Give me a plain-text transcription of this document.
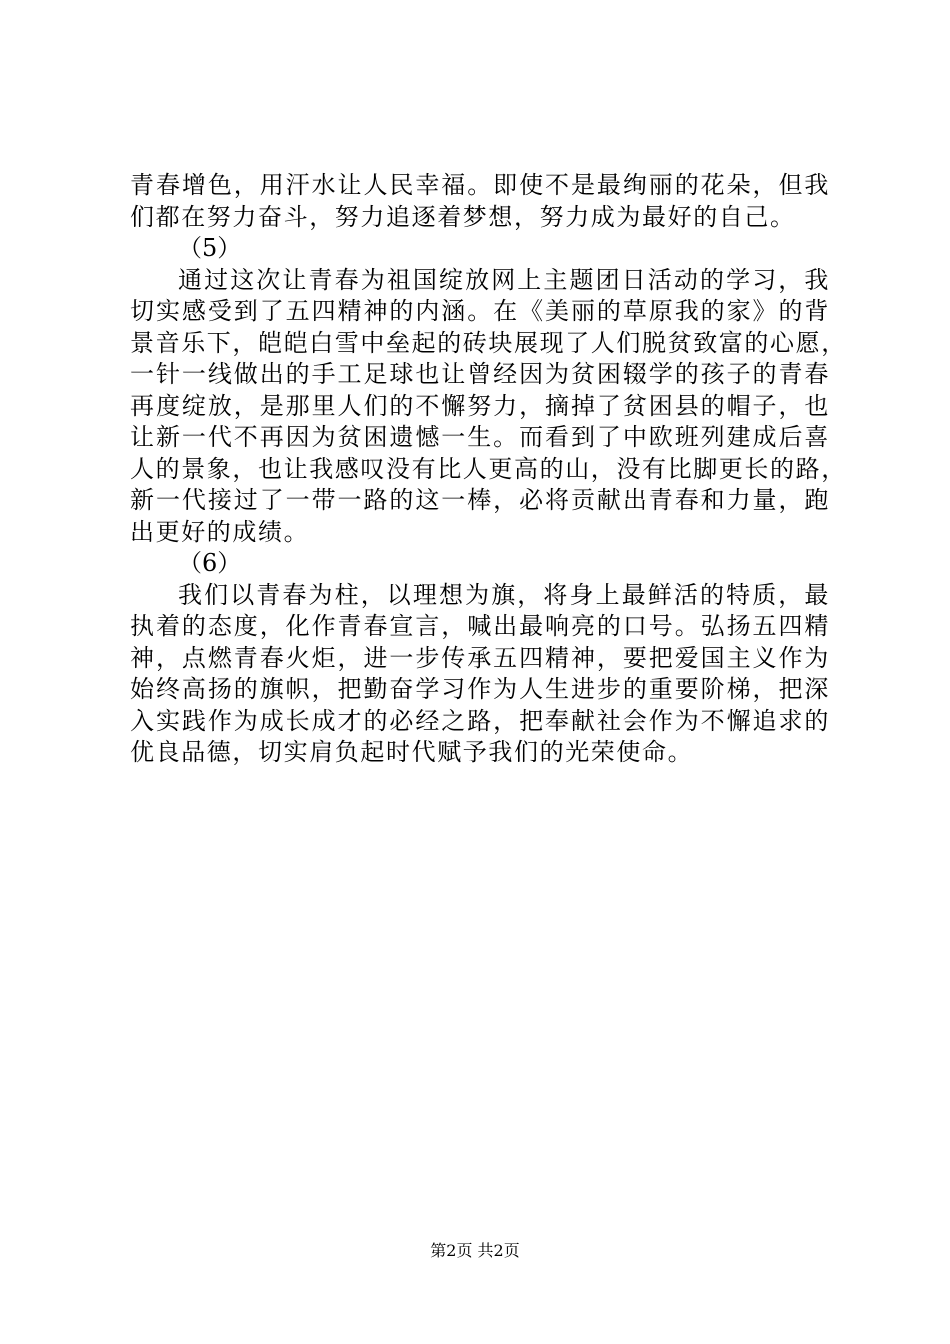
青春增色，用汗水让人民幸福。即使不是最绚丽的花朵，但我
们都在努力奋斗，努力追逐着梦想，努力成为最好的自己。
（5）
通过这次让青春为祖国绽放网上主题团日活动的学习，我
切实感受到了五四精神的内涵。在《美丽的草原我的家》的背
景音乐下，皑皑白雪中垒起的砖块展现了人们脱贫致富的心愿，
一针一线做出的手工足球也让曾经因为贫困辍学的孩子的青春
再度绽放，是那里人们的不懈努力，摘掉了贫困县的帽子，也
让新一代不再因为贫困遗憾一生。而看到了中欧班列建成后喜
人的景象，也让我感叹没有比人更高的山，没有比脚更长的路，
新一代接过了一带一路的这一棒，必将贡献出青春和力量，跑
出更好的成绩。
（6）
我们以青春为柱，以理想为旗，将身上最鲜活的特质，最
执着的态度，化作青春宣言，喊出最响亮的口号。弘扬五四精
神，点燃青春火炬，进一步传承五四精神，要把爱国主义作为
始终高扬的旗帜，把勤奋学习作为人生进步的重要阶梯，把深
入实践作为成长成才的必经之路，把奉献社会作为不懈追求的
优良品德，切实肩负起时代赋予我们的光荣使命。
第2页 共2页
